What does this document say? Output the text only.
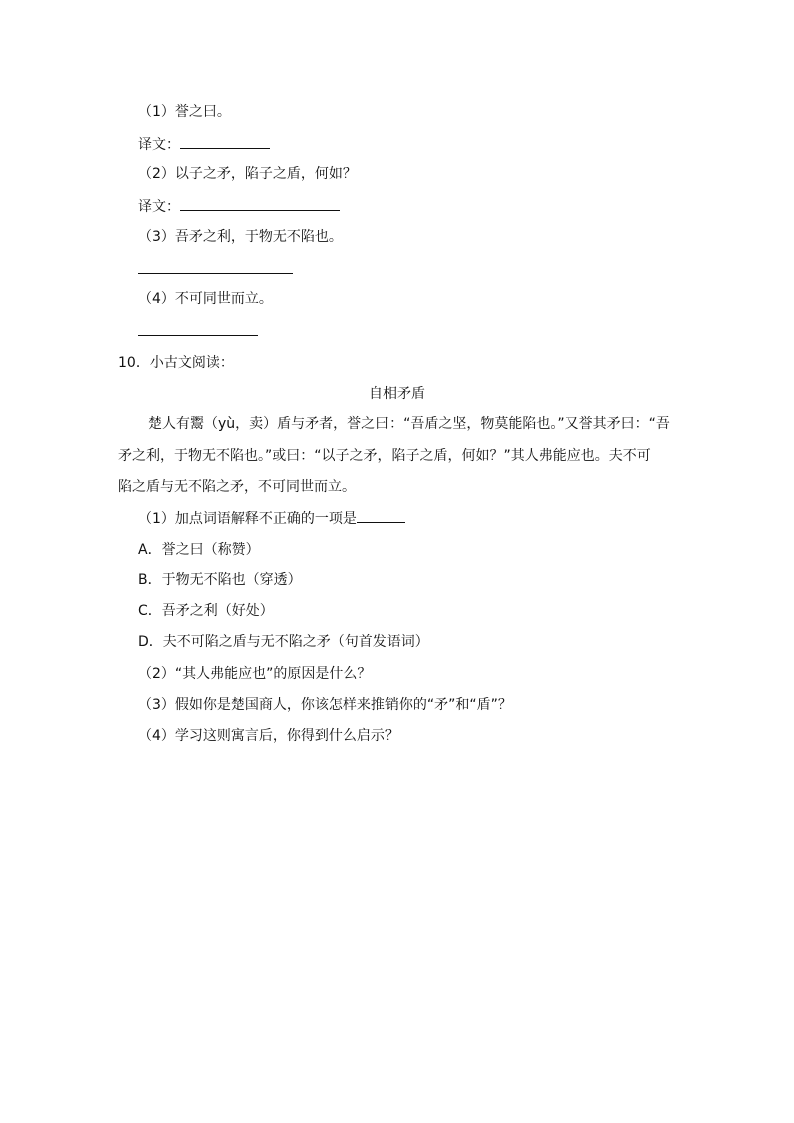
（1）誉之曰。
译文：
（2）以子之矛，陷子之盾，何如？
译文：
（3）吾矛之利，于物无不陷也。
（4）不可同世而立。
10．小古文阅读：
自相矛盾
楚人有鬻（yù，卖）盾与矛者，誉之曰：“吾盾之坚，物莫能陷也。”又誉其矛曰：“吾
矛之利，于物无不陷也。”或曰：“以子之矛，陷子之盾，何如？”其人弗能应也。夫不可
陷之盾与无不陷之矛，不可同世而立。
（1）加点词语解释不正确的一项是
A．誉之曰（称赞）
B．于物无不陷也（穿透）
C．吾矛之利（好处）
D．夫不可陷之盾与无不陷之矛（句首发语词）
（2）“其人弗能应也”的原因是什么？
（3）假如你是楚国商人，你该怎样来推销你的“矛”和“盾”？
（4）学习这则寓言后，你得到什么启示？
